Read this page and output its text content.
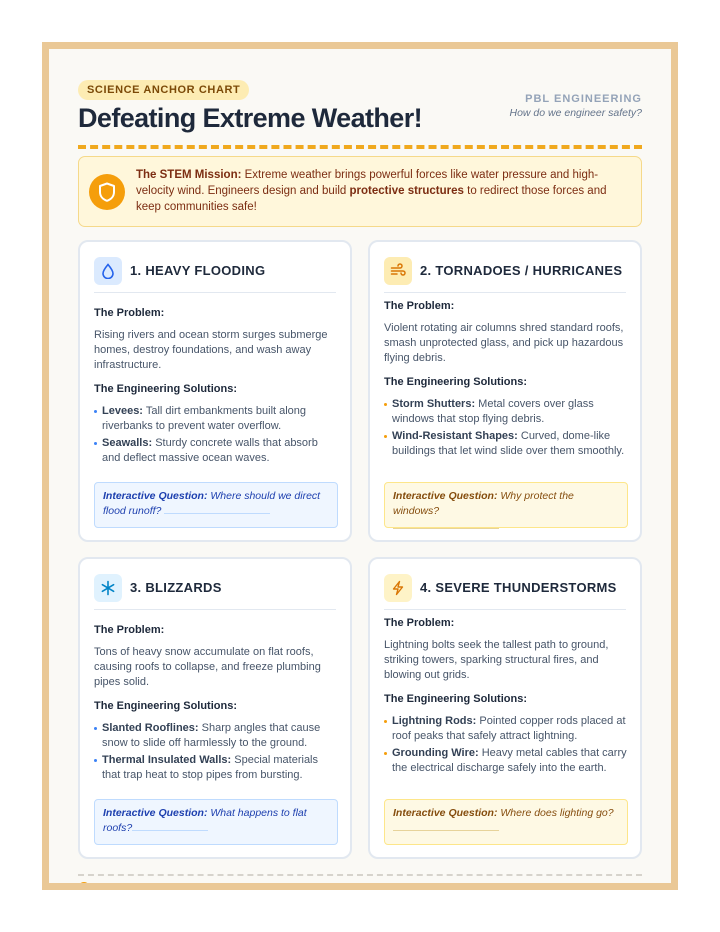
SCIENCE ANCHOR CHART
Defeating Extreme Weather!
PBL ENGINEERING
How do we engineer safety?
The STEM Mission: Extreme weather brings powerful forces like water pressure and high-velocity wind. Engineers design and build protective structures to redirect those forces and keep communities safe!
1. HEAVY FLOODING
The Problem:
Rising rivers and ocean storm surges submerge homes, destroy foundations, and wash away infrastructure.
The Engineering Solutions:
Levees: Tall dirt embankments built along riverbanks to prevent water overflow.
Seawalls: Sturdy concrete walls that absorb and deflect massive ocean waves.
Interactive Question: Where should we direct flood runoff?
2. TORNADOES / HURRICANES
The Problem:
Violent rotating air columns shred standard roofs, smash unprotected glass, and pick up hazardous flying debris.
The Engineering Solutions:
Storm Shutters: Metal covers over glass windows that stop flying debris.
Wind-Resistant Shapes: Curved, dome-like buildings that let wind slide over them smoothly.
Interactive Question: Why protect the windows?

3. BLIZZARDS
The Problem:
Tons of heavy snow accumulate on flat roofs, causing roofs to collapse, and freeze plumbing pipes solid.
The Engineering Solutions:
Slanted Rooflines: Sharp angles that cause snow to slide off harmlessly to the ground.
Thermal Insulated Walls: Special materials that trap heat to stop pipes from bursting.
Interactive Question: What happens to flat roofs?
4. SEVERE THUNDERSTORMS
The Problem:
Lightning bolts seek the tallest path to ground, striking towers, sparking structural fires, and blowing out grids.
The Engineering Solutions:
Lightning Rods: Pointed copper rods placed at roof peaks that safely attract lightning.
Grounding Wire: Heavy metal cables that carry the electrical discharge safely into the earth.
Interactive Question: Where does lighting go?

Class Activity: Fill in the interactive blanks together!	WEATHER-READY TOWN PBL
